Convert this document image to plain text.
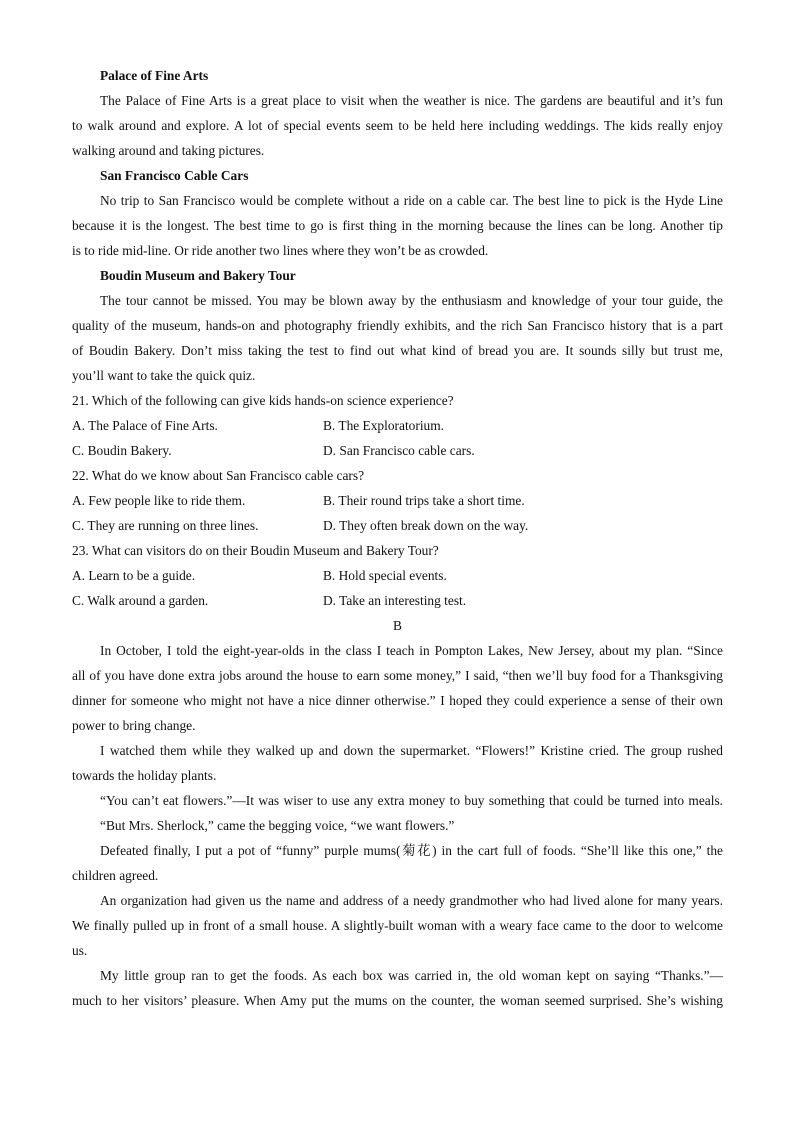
Palace of Fine Arts
The Palace of Fine Arts is a great place to visit when the weather is nice. The gardens are beautiful and it’s fun
to walk around and explore. A lot of special events seem to be held here including weddings. The kids really enjoy
walking around and taking pictures.
San Francisco Cable Cars
No trip to San Francisco would be complete without a ride on a cable car. The best line to pick is the Hyde Line
because it is the longest. The best time to go is first thing in the morning because the lines can be long. Another tip
is to ride mid-line. Or ride another two lines where they won’t be as crowded.
Boudin Museum and Bakery Tour
The tour cannot be missed. You may be blown away by the enthusiasm and knowledge of your tour guide, the
quality of the museum, hands-on and photography friendly exhibits, and the rich San Francisco history that is a part
of Boudin Bakery. Don’t miss taking the test to find out what kind of bread you are. It sounds silly but trust me,
you’ll want to take the quick quiz.
21. Which of the following can give kids hands-on science experience?
A. The Palace of Fine Arts.	B. The Exploratorium.
C. Boudin Bakery.	D. San Francisco cable cars.
22. What do we know about San Francisco cable cars?
A. Few people like to ride them.	B. Their round trips take a short time.
C. They are running on three lines.	D. They often break down on the way.
23. What can visitors do on their Boudin Museum and Bakery Tour?
A. Learn to be a guide.	B. Hold special events.
C. Walk around a garden.	D. Take an interesting test.
B
In October, I told the eight-year-olds in the class I teach in Pompton Lakes, New Jersey, about my plan. “Since
all of you have done extra jobs around the house to earn some money,” I said, “then we’ll buy food for a Thanksgiving
dinner for someone who might not have a nice dinner otherwise.” I hoped they could experience a sense of their own
power to bring change.
I watched them while they walked up and down the supermarket. “Flowers!” Kristine cried. The group rushed
towards the holiday plants.
“You can’t eat flowers.”—It was wiser to use any extra money to buy something that could be turned into meals.
“But Mrs. Sherlock,” came the begging voice, “we want flowers.”
Defeated finally, I put a pot of “funny” purple mums(菊花) in the cart full of foods. “She’ll like this one,” the
children agreed.
An organization had given us the name and address of a needy grandmother who had lived alone for many years.
We finally pulled up in front of a small house. A slightly-built woman with a weary face came to the door to welcome
us.
My little group ran to get the foods. As each box was carried in, the old woman kept on saying “Thanks.”—
much to her visitors’ pleasure. When Amy put the mums on the counter, the woman seemed surprised. She’s wishing
